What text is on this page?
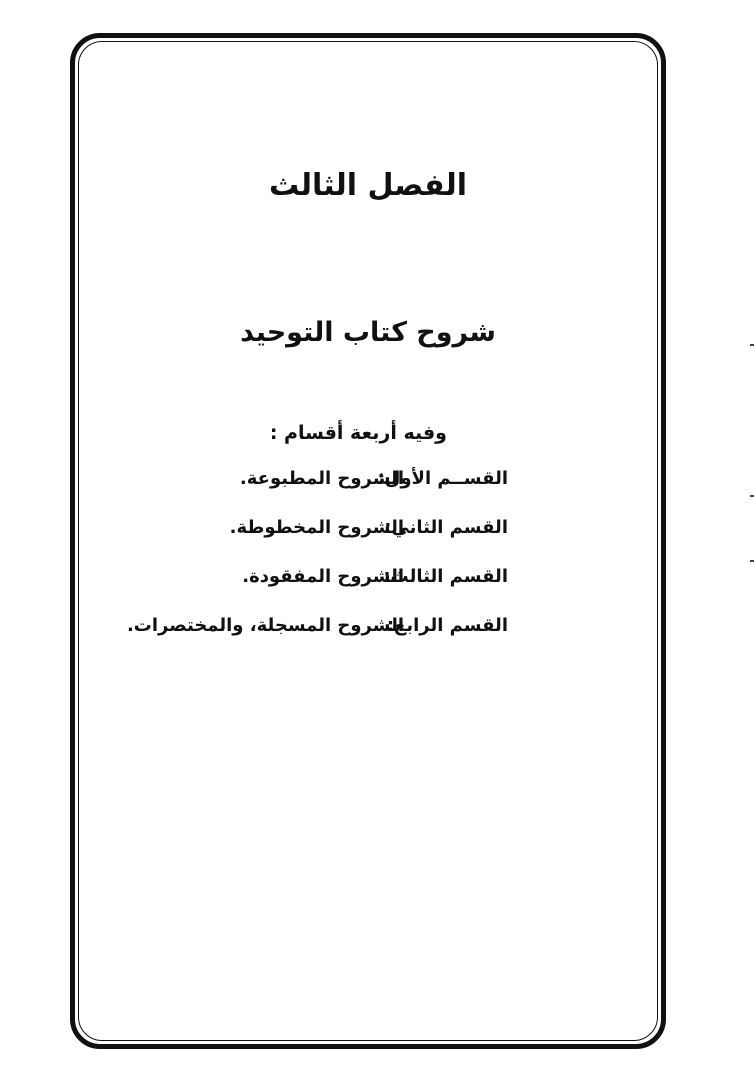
الفصل الثالث
شروح كتاب التوحيد
وفيه أربعة أقسام :
القســم الأول:
الشروح المطبوعة.
القسم الثاني:
الشروح المخطوطة.
القسم الثالث:
الشروح المفقودة.
القسم الرابع:
الشروح المسجلة، والمختصرات.
